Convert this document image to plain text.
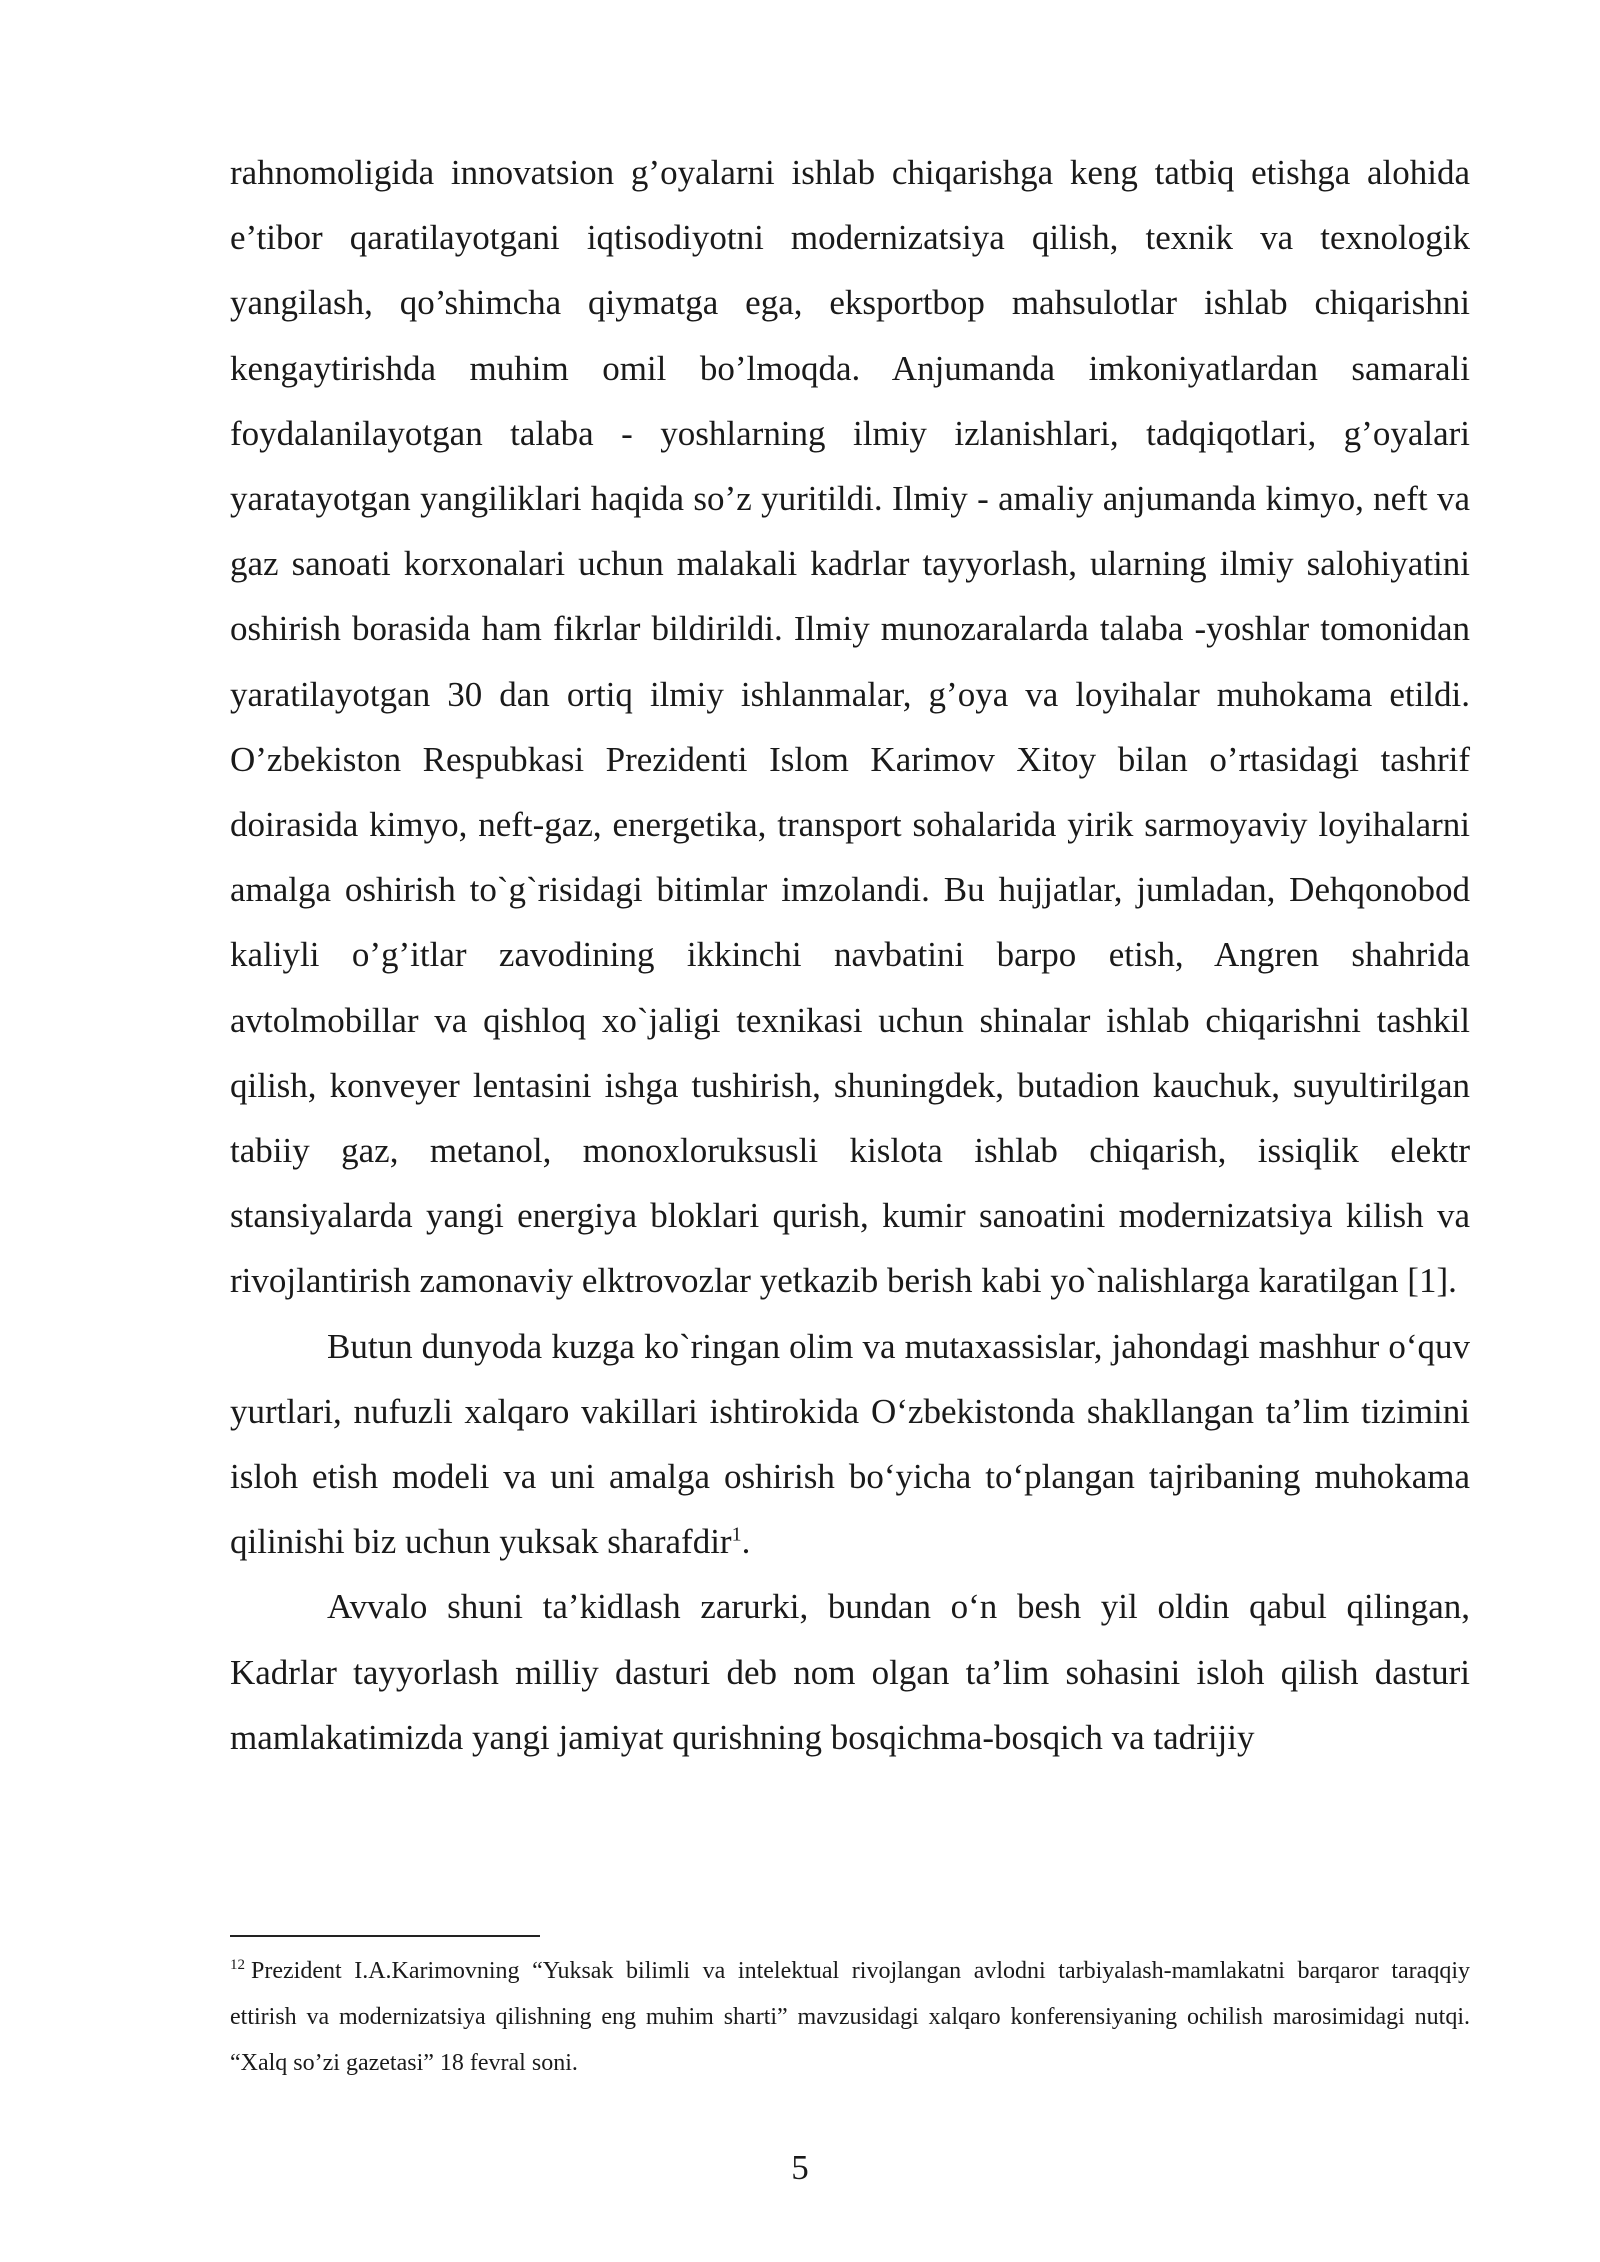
rahnomoligida innovatsion g’oyalarni ishlab chiqarishga keng tatbiq etishga alohida e’tibor qaratilayotgani iqtisodiyotni modernizatsiya qilish, texnik va texnologik yangilash, qo’shimcha qiymatga ega, eksportbop mahsulotlar ishlab chiqarishni kengaytirishda muhim omil bo’lmoqda. Anjumanda imkoniyatlardan samarali foydalanilayotgan talaba - yoshlarning ilmiy izlanishlari, tadqiqotlari, g’oyalari yaratayotgan yangiliklari haqida so’z yuritildi. Ilmiy - amaliy anjumanda kimyo, neft va gaz sanoati korxonalari uchun malakali kadrlar tayyorlash, ularning ilmiy salohiyatini oshirish borasida ham fikrlar bildirildi. Ilmiy munozaralarda talaba -yoshlar tomonidan yaratilayotgan 30 dan ortiq ilmiy ishlanmalar, g’oya va loyihalar muhokama etildi. O’zbekiston Respubkasi Prezidenti Islom Karimov Xitoy bilan o’rtasidagi tashrif doirasida kimyo, neft-gaz, energetika, transport sohalarida yirik sarmoyaviy loyihalarni amalga oshirish to`g`risidagi bitimlar imzolandi. Bu hujjatlar, jumladan, Dehqonobod kaliyli o’g’itlar zavodining ikkinchi navbatini barpo etish, Angren shahrida avtolmobillar va qishloq xo`jaligi texnikasi uchun shinalar ishlab chiqarishni tashkil qilish, konveyer lentasini ishga tushirish, shuningdek, butadion kauchuk, suyultirilgan tabiiy gaz, metanol, monoxloruksusli kislota ishlab chiqarish, issiqlik elektr stansiyalarda yangi energiya bloklari qurish, kumir sanoatini modernizatsiya kilish va rivojlantirish zamonaviy elktrovozlar yetkazib berish kabi yo`nalishlarga karatilgan [1].

Butun dunyoda kuzga ko`ringan olim va mutaxassislar, jahondagi mashhur o‘quv yurtlari, nufuzli xalqaro vakillari ishtirokida O‘zbekistonda shakllangan ta’lim tizimini isloh etish modeli va uni amalga oshirish bo‘yicha to‘plangan tajribaning muhokama qilinishi biz uchun yuksak sharafdir$^1$.

Avvalo shuni ta’kidlash zarurki, bundan o‘n besh yil oldin qabul qilingan, Kadrlar tayyorlash milliy dasturi deb nom olgan ta’lim sohasini isloh qilish dasturi mamlakatimizda yangi jamiyat qurishning bosqichma-bosqich va tadrijiy

$^{12}$ Prezident I.A.Karimovning “Yuksak bilimli va intelektual rivojlangan avlodni tarbiyalash-mamlakatni barqaror taraqqiy ettirish va modernizatsiya qilishning eng muhim sharti” mavzusidagi xalqaro konferensiyaning ochilish marosimidagi nutqi. “Xalq so’zi gazetasi” 18 fevral soni.

5
